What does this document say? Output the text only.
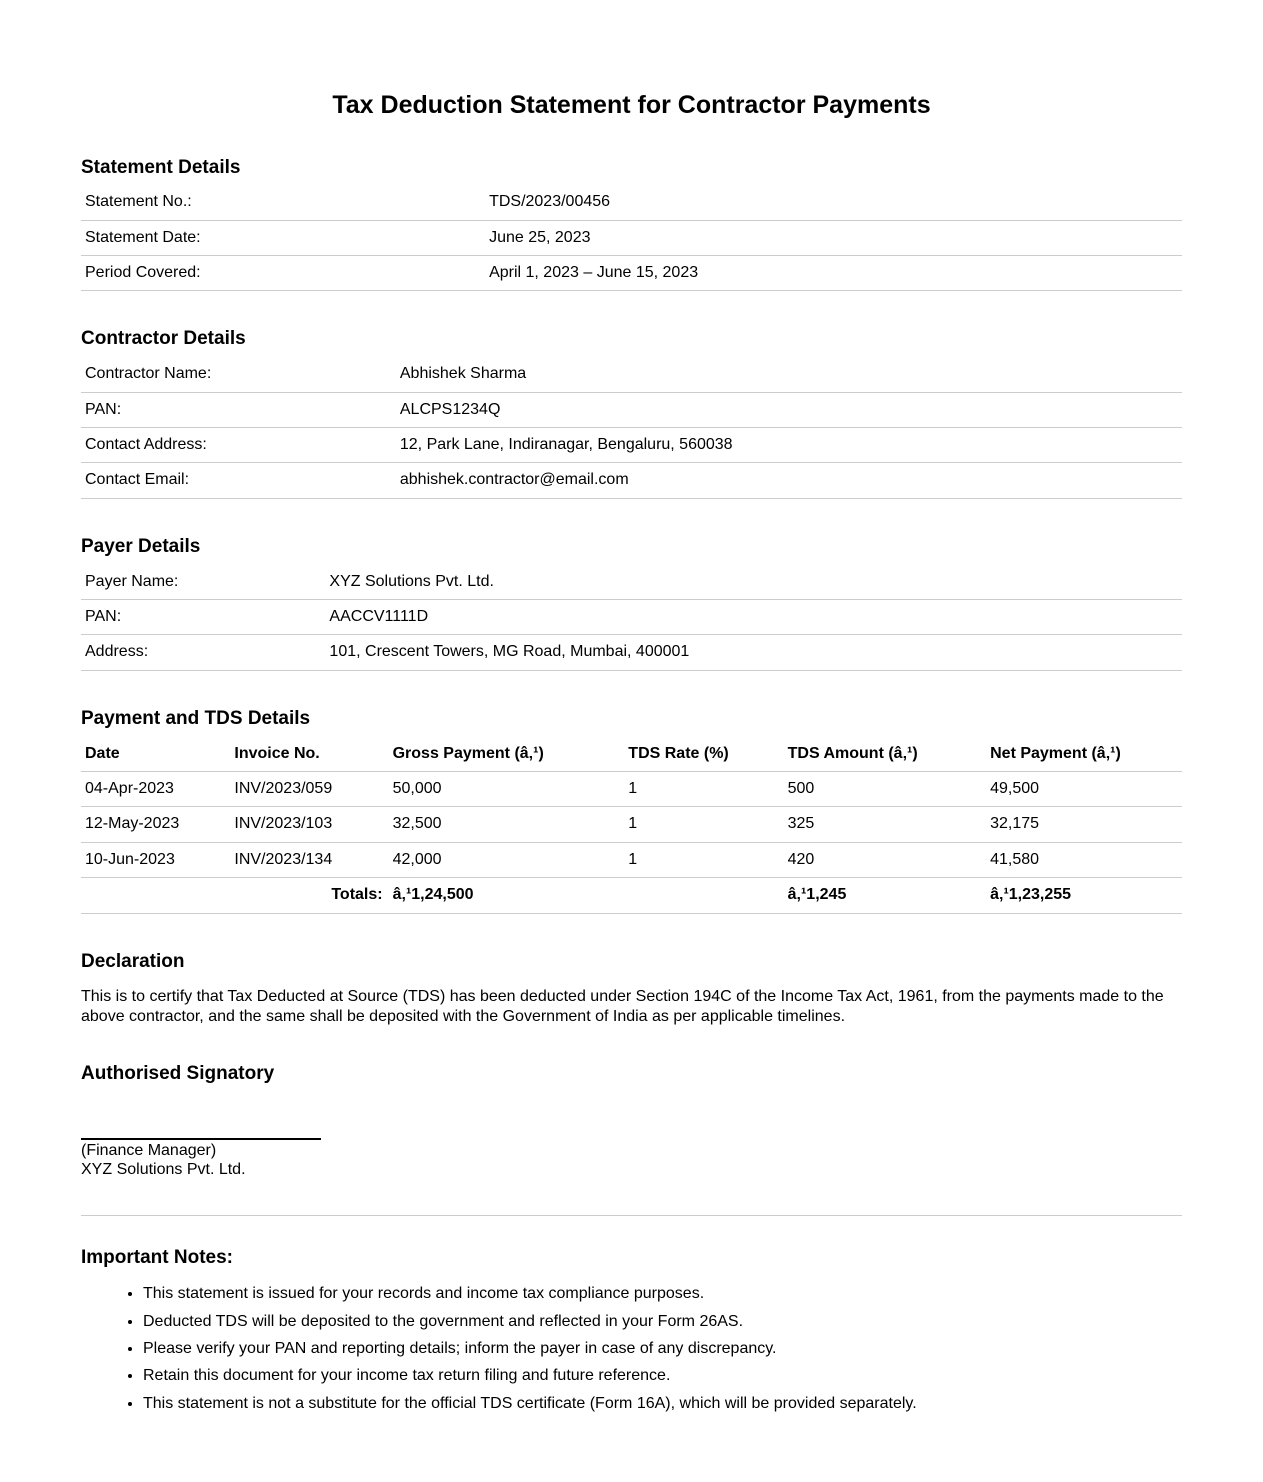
Tax Deduction Statement for Contractor Payments
Statement Details
Statement No.:	TDS/2023/00456
Statement Date:	June 25, 2023
Period Covered:	April 1, 2023 – June 15, 2023
Contractor Details
Contractor Name:	Abhishek Sharma
PAN:	ALCPS1234Q
Contact Address:	12, Park Lane, Indiranagar, Bengaluru, 560038
Contact Email:	abhishek.contractor@email.com
Payer Details
Payer Name:	XYZ Solutions Pvt. Ltd.
PAN:	AACCV1111D
Address:	101, Crescent Towers, MG Road, Mumbai, 400001
Payment and TDS Details
Date	Invoice No.	Gross Payment (â‚¹)	TDS Rate (%)	TDS Amount (â‚¹)	Net Payment (â‚¹)
04-Apr-2023	INV/2023/059	50,000	1	500	49,500
12-May-2023	INV/2023/103	32,500	1	325	32,175
10-Jun-2023	INV/2023/134	42,000	1	420	41,580
	Totals:	â‚¹1,24,500		â‚¹1,245	â‚¹1,23,255
Declaration

This is to certify that Tax Deducted at Source (TDS) has been deducted under Section 194C of the Income Tax Act, 1961, from the payments made to the above contractor, and the same shall be deposited with the Government of India as per applicable timelines.

Authorised Signatory

(Finance Manager)

XYZ Solutions Pvt. Ltd.

Important Notes:
• This statement is issued for your records and income tax compliance purposes.
• Deducted TDS will be deposited to the government and reflected in your Form 26AS.
• Please verify your PAN and reporting details; inform the payer in case of any discrepancy.
• Retain this document for your income tax return filing and future reference.
• This statement is not a substitute for the official TDS certificate (Form 16A), which will be provided separately.
